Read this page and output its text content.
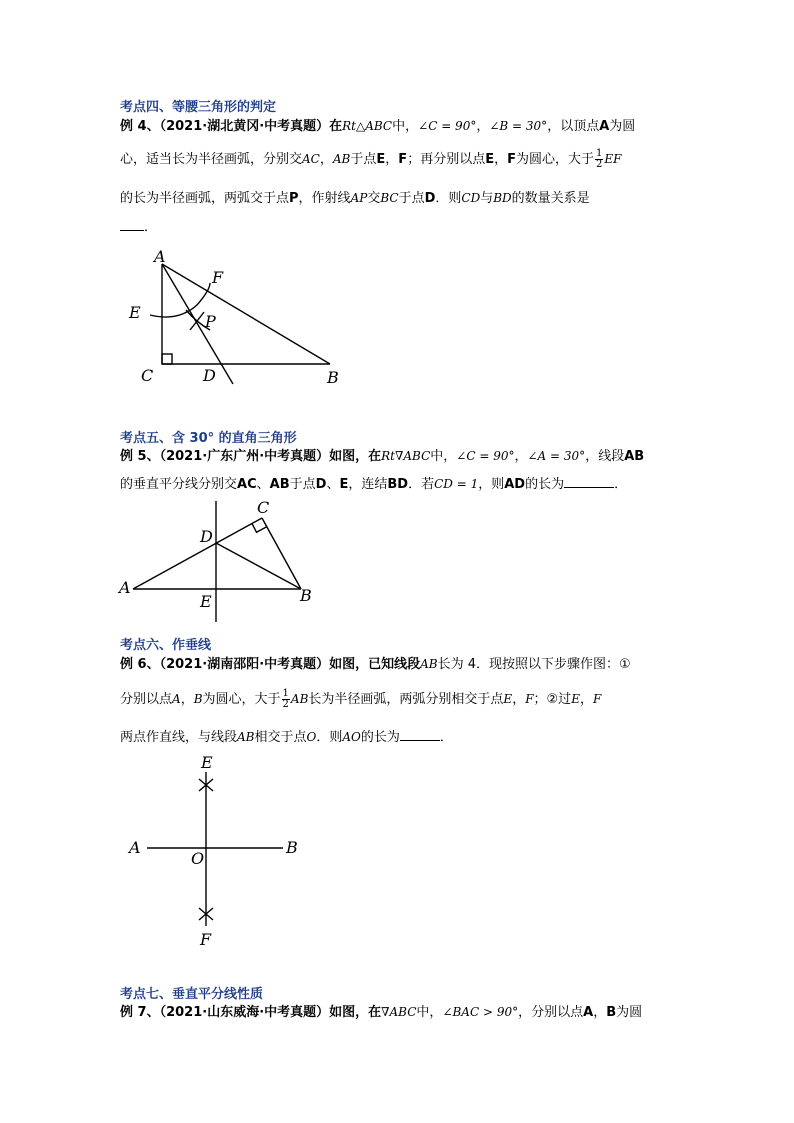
考点四、等腰三角形的判定
例 4、（2021·湖北黄冈·中考真题）在Rt△ABC中，∠C = 90°，∠B = 30°，以顶点A为圆
心，适当长为半径画弧，分别交AC，AB于点E，F；再分别以点E，F为圆心，大于 $\frac{1}{2}$ EF
的长为半径画弧，两弧交于点P，作射线AP交BC于点D．则CD与BD的数量关系是
．
A
F
E	P
C	D	B
考点五、含 30° 的直角三角形
例 5、（2021·广东广州·中考真题）如图，在Rt∇ABC中，∠C = 90°，∠A = 30°，线段AB
的垂直平分线分别交AC、AB于点D、E，连结BD．若CD = 1，则AD的长为	．
C
D
A
E	B
考点六、作垂线
例 6、（2021·湖南邵阳·中考真题）如图，已知线段AB长为 4．现按照以下步骤作图：①
分别以点A，B为圆心，大于 $\frac{1}{2}$ AB长为半径画弧，两弧分别相交于点E，F；②过E，F
两点作直线，与线段AB相交于点O．则AO的长为	．
E
A
O
B
F
考点七、垂直平分线性质
例 7、（2021·山东威海·中考真题）如图，在∇ABC中，∠BAC > 90°，分别以点A，B为圆
